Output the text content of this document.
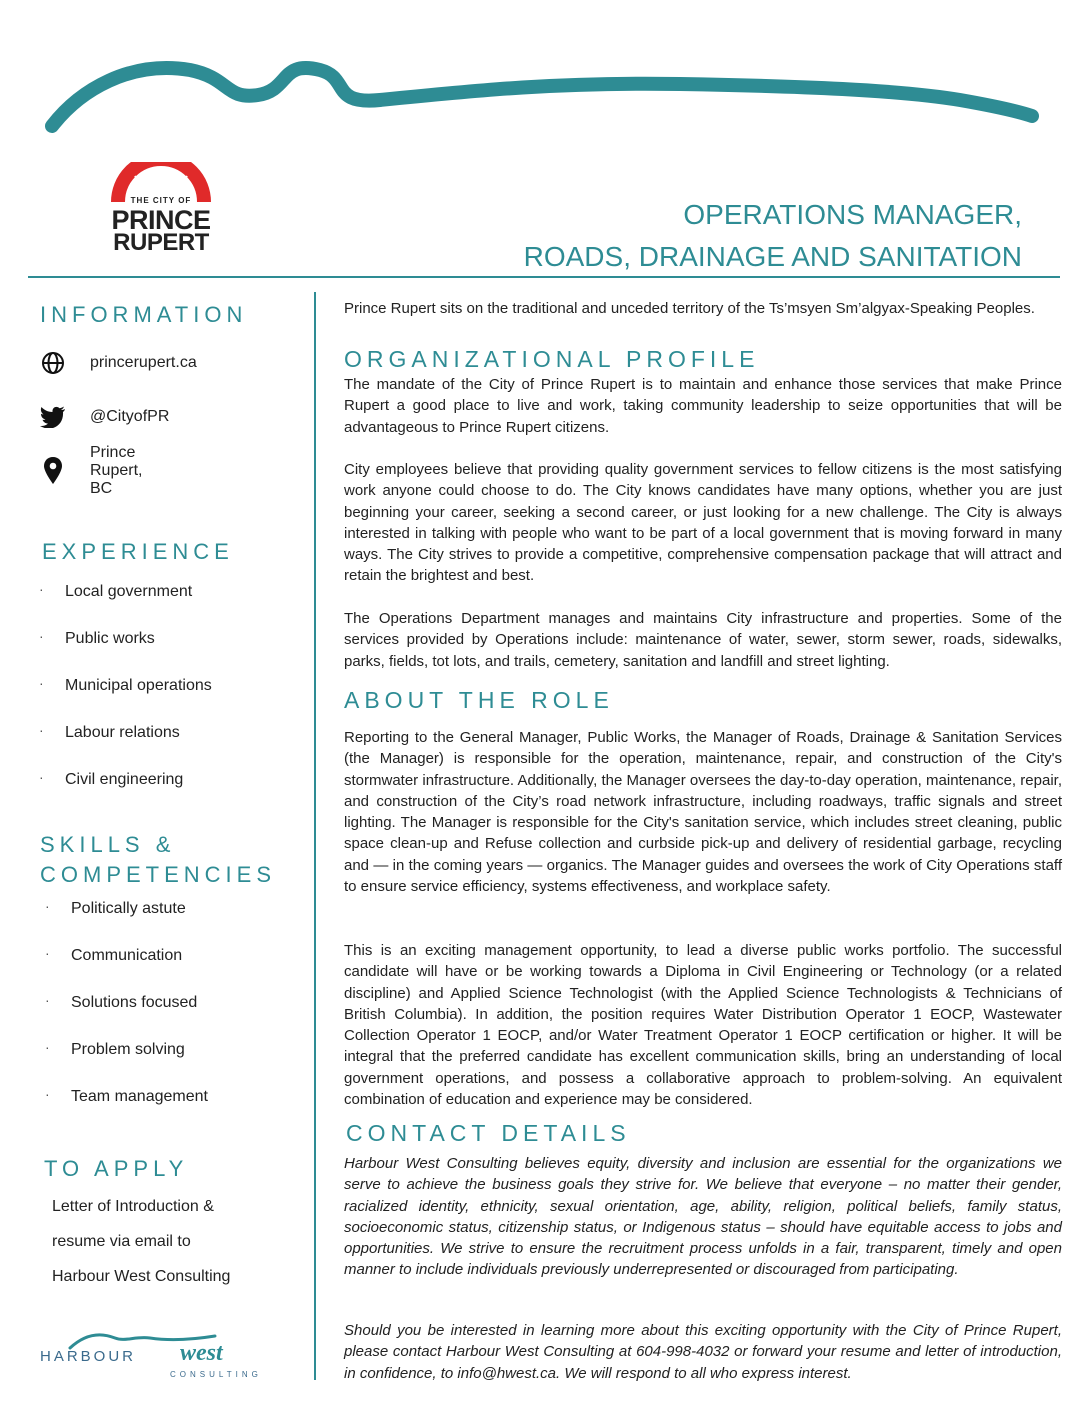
THE CITY OF
PRINCE
RUPERT
OPERATIONS MANAGER,
ROADS, DRAINAGE AND SANITATION
INFORMATION
princerupert.ca
@CityofPR
Prince Rupert, BC
EXPERIENCE
· Local government
· Public works
· Municipal operations
· Labour relations
· Civil engineering
SKILLS &
COMPETENCIES
· Politically astute
· Communication
· Solutions focused
· Problem solving
· Team management
TO APPLY
Letter of Introduction &
resume via email to
Harbour West Consulting
HARBOUR west
CONSULTING
Prince Rupert sits on the traditional and unceded territory of the Ts’msyen Sm’algyax-Speaking Peoples.
ORGANIZATIONAL PROFILE
The mandate of the City of Prince Rupert is to maintain and enhance those services that make Prince Rupert a good place to live and work, taking community leadership to seize opportunities that will be advantageous to Prince Rupert citizens.
City employees believe that providing quality government services to fellow citizens is the most satisfying work anyone could choose to do. The City knows candidates have many options, whether you are just beginning your career, seeking a second career, or just looking for a new challenge. The City is always interested in talking with people who want to be part of a local government that is moving forward in many ways. The City strives to provide a competitive, comprehensive compensation package that will attract and retain the brightest and best.
The Operations Department manages and maintains City infrastructure and properties. Some of the services provided by Operations include: maintenance of water, sewer, storm sewer, roads, sidewalks, parks, fields, tot lots, and trails, cemetery, sanitation and landfill and street lighting.
ABOUT THE ROLE
Reporting to the General Manager, Public Works, the Manager of Roads, Drainage & Sanitation Services (the Manager) is responsible for the operation, maintenance, repair, and construction of the City's stormwater infrastructure. Additionally, the Manager oversees the day-to-day operation, maintenance, repair, and construction of the City’s road network infrastructure, including roadways, traffic signals and street lighting. The Manager is responsible for the City's sanitation service, which includes street cleaning, public space clean-up and Refuse collection and curbside pick-up and delivery of residential garbage, recycling and — in the coming years — organics. The Manager guides and oversees the work of City Operations staff to ensure service efficiency, systems effectiveness, and workplace safety.
This is an exciting management opportunity, to lead a diverse public works portfolio. The successful candidate will have or be working towards a Diploma in Civil Engineering or Technology (or a related discipline) and Applied Science Technologist (with the Applied Science Technologists & Technicians of British Columbia). In addition, the position requires Water Distribution Operator 1 EOCP, Wastewater Collection Operator 1 EOCP, and/or Water Treatment Operator 1 EOCP certification or higher. It will be integral that the preferred candidate has excellent communication skills, bring an understanding of local government operations, and possess a collaborative approach to problem-solving. An equivalent combination of education and experience may be considered.
CONTACT DETAILS
Harbour West Consulting believes equity, diversity and inclusion are essential for the organizations we serve to achieve the business goals they strive for. We believe that everyone – no matter their gender, racialized identity, ethnicity, sexual orientation, age, ability, religion, political beliefs, family status, socioeconomic status, citizenship status, or Indigenous status – should have equitable access to jobs and opportunities. We strive to ensure the recruitment process unfolds in a fair, transparent, timely and open manner to include individuals previously underrepresented or discouraged from participating.
Should you be interested in learning more about this exciting opportunity with the City of Prince Rupert, please contact Harbour West Consulting at 604-998-4032 or forward your resume and letter of introduction, in confidence, to info@hwest.ca. We will respond to all who express interest.
